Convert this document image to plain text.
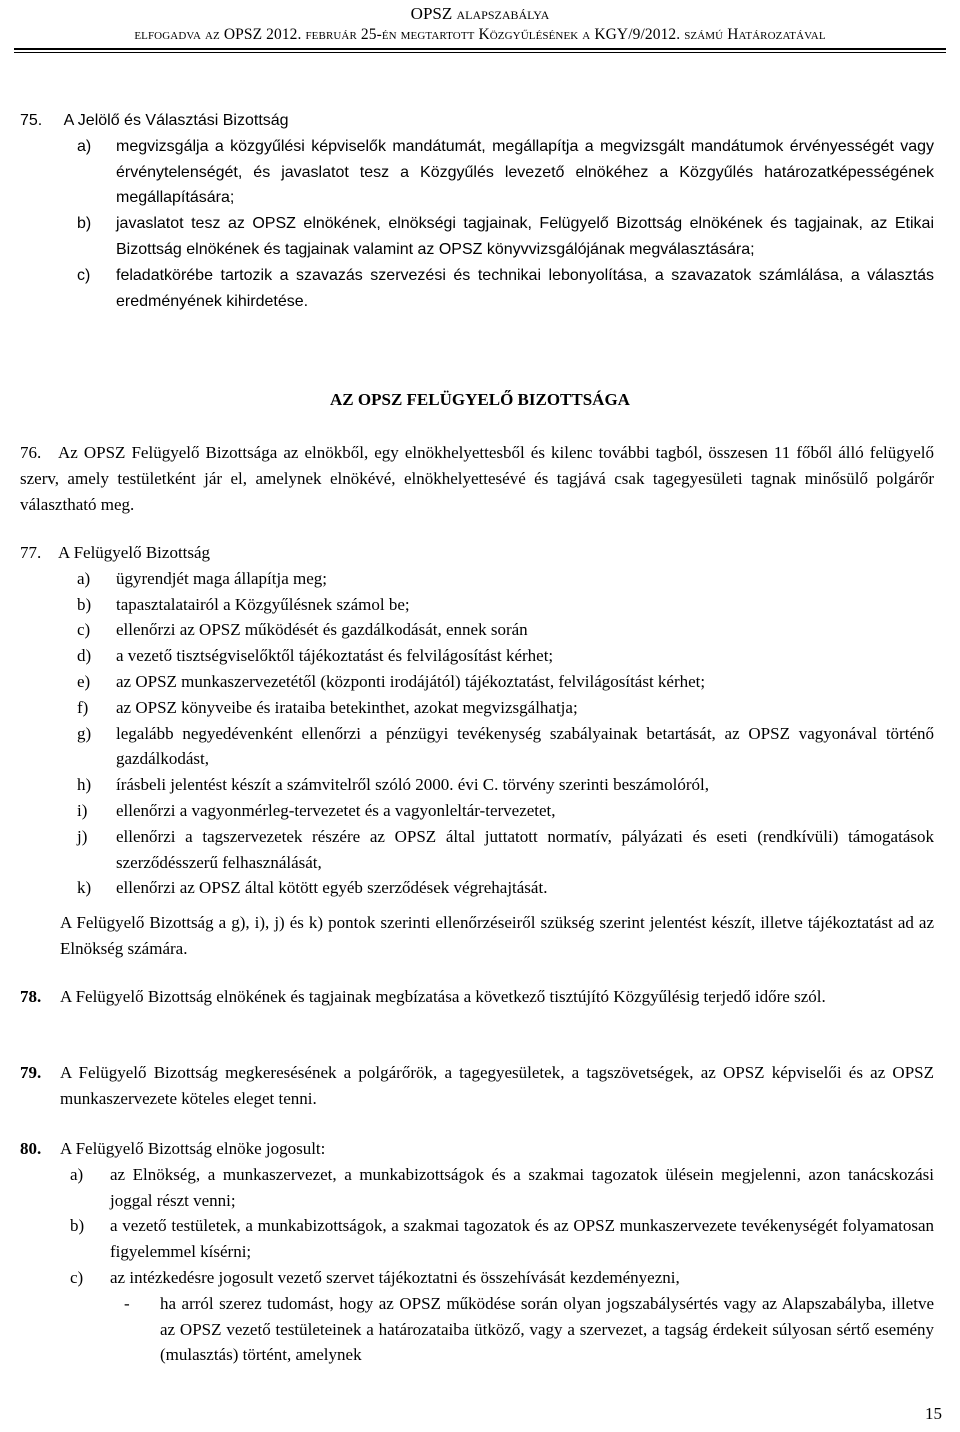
OPSZ alapszabálya
elfogadva az OPSZ 2012. február 25-én megtartott Közgyűlésének a KGY/9/2012. számú Határozatával
75. A Jelölő és Választási Bizottság
a) megvizsgálja a közgyűlési képviselők mandátumát, megállapítja a megvizsgált mandátumok érvényességét vagy érvénytelenségét, és javaslatot tesz a Közgyűlés levezető elnökéhez a Közgyűlés határozatképességének megállapítására;
b) javaslatot tesz az OPSZ elnökének, elnökségi tagjainak, Felügyelő Bizottság elnökének és tagjainak, az Etikai Bizottság elnökének és tagjainak valamint az OPSZ könyvvizsgálójának megválasztására;
c) feladatkörébe tartozik a szavazás szervezési és technikai lebonyolítása, a szavazatok számlálása, a választás eredményének kihirdetése.
AZ OPSZ FELÜGYELŐ BIZOTTSÁGA
76. Az OPSZ Felügyelő Bizottsága az elnökből, egy elnökhelyettesből és kilenc további tagból, összesen 11 főből álló felügyelő szerv, amely testületként jár el, amelynek elnökévé, elnökhelyettesévé és tagjává csak tagegyesületi tagnak minősülő polgárőr választható meg.
77. A Felügyelő Bizottság
a) ügyrendjét maga állapítja meg;
b) tapasztalatairól a Közgyűlésnek számol be;
c) ellenőrzi az OPSZ működését és gazdálkodását, ennek során
d) a vezető tisztségviselőktől tájékoztatást és felvilágosítást kérhet;
e) az OPSZ munkaszervezetétől (központi irodájától) tájékoztatást, felvilágosítást kérhet;
f) az OPSZ könyveibe és irataiba betekinthet, azokat megvizsgálhatja;
g) legalább negyedévenként ellenőrzi a pénzügyi tevékenység szabályainak betartását, az OPSZ vagyonával történő gazdálkodást,
h) írásbeli jelentést készít a számvitelről szóló 2000. évi C. törvény szerinti beszámolóról,
i) ellenőrzi a vagyonmérleg-tervezetet és a vagyonleltár-tervezetet,
j) ellenőrzi a tagszervezetek részére az OPSZ által juttatott normatív, pályázati és eseti (rendkívüli) támogatások szerződésszerű felhasználását,
k) ellenőrzi az OPSZ által kötött egyéb szerződések végrehajtását.
A Felügyelő Bizottság a g), i), j) és k) pontok szerinti ellenőrzéseiről szükség szerint jelentést készít, illetve tájékoztatást ad az Elnökség számára.
78. A Felügyelő Bizottság elnökének és tagjainak megbízatása a következő tisztújító Közgyűlésig terjedő időre szól.
79. A Felügyelő Bizottság megkeresésének a polgárőrök, a tagegyesületek, a tagszövetségek, az OPSZ képviselői és az OPSZ munkaszervezete köteles eleget tenni.
80. A Felügyelő Bizottság elnöke jogosult:
a) az Elnökség, a munkaszervezet, a munkabizottságok és a szakmai tagozatok ülésein megjelenni, azon tanácskozási joggal részt venni;
b) a vezető testületek, a munkabizottságok, a szakmai tagozatok és az OPSZ munkaszervezete tevékenységét folyamatosan figyelemmel kísérni;
c) az intézkedésre jogosult vezető szervet tájékoztatni és összehívását kezdeményezni,
- ha arról szerez tudomást, hogy az OPSZ működése során olyan jogszabálysértés vagy az Alapszabályba, illetve az OPSZ vezető testületeinek a határozataiba ütköző, vagy a szervezet, a tagság érdekeit súlyosan sértő esemény (mulasztás) történt, amelynek
15
